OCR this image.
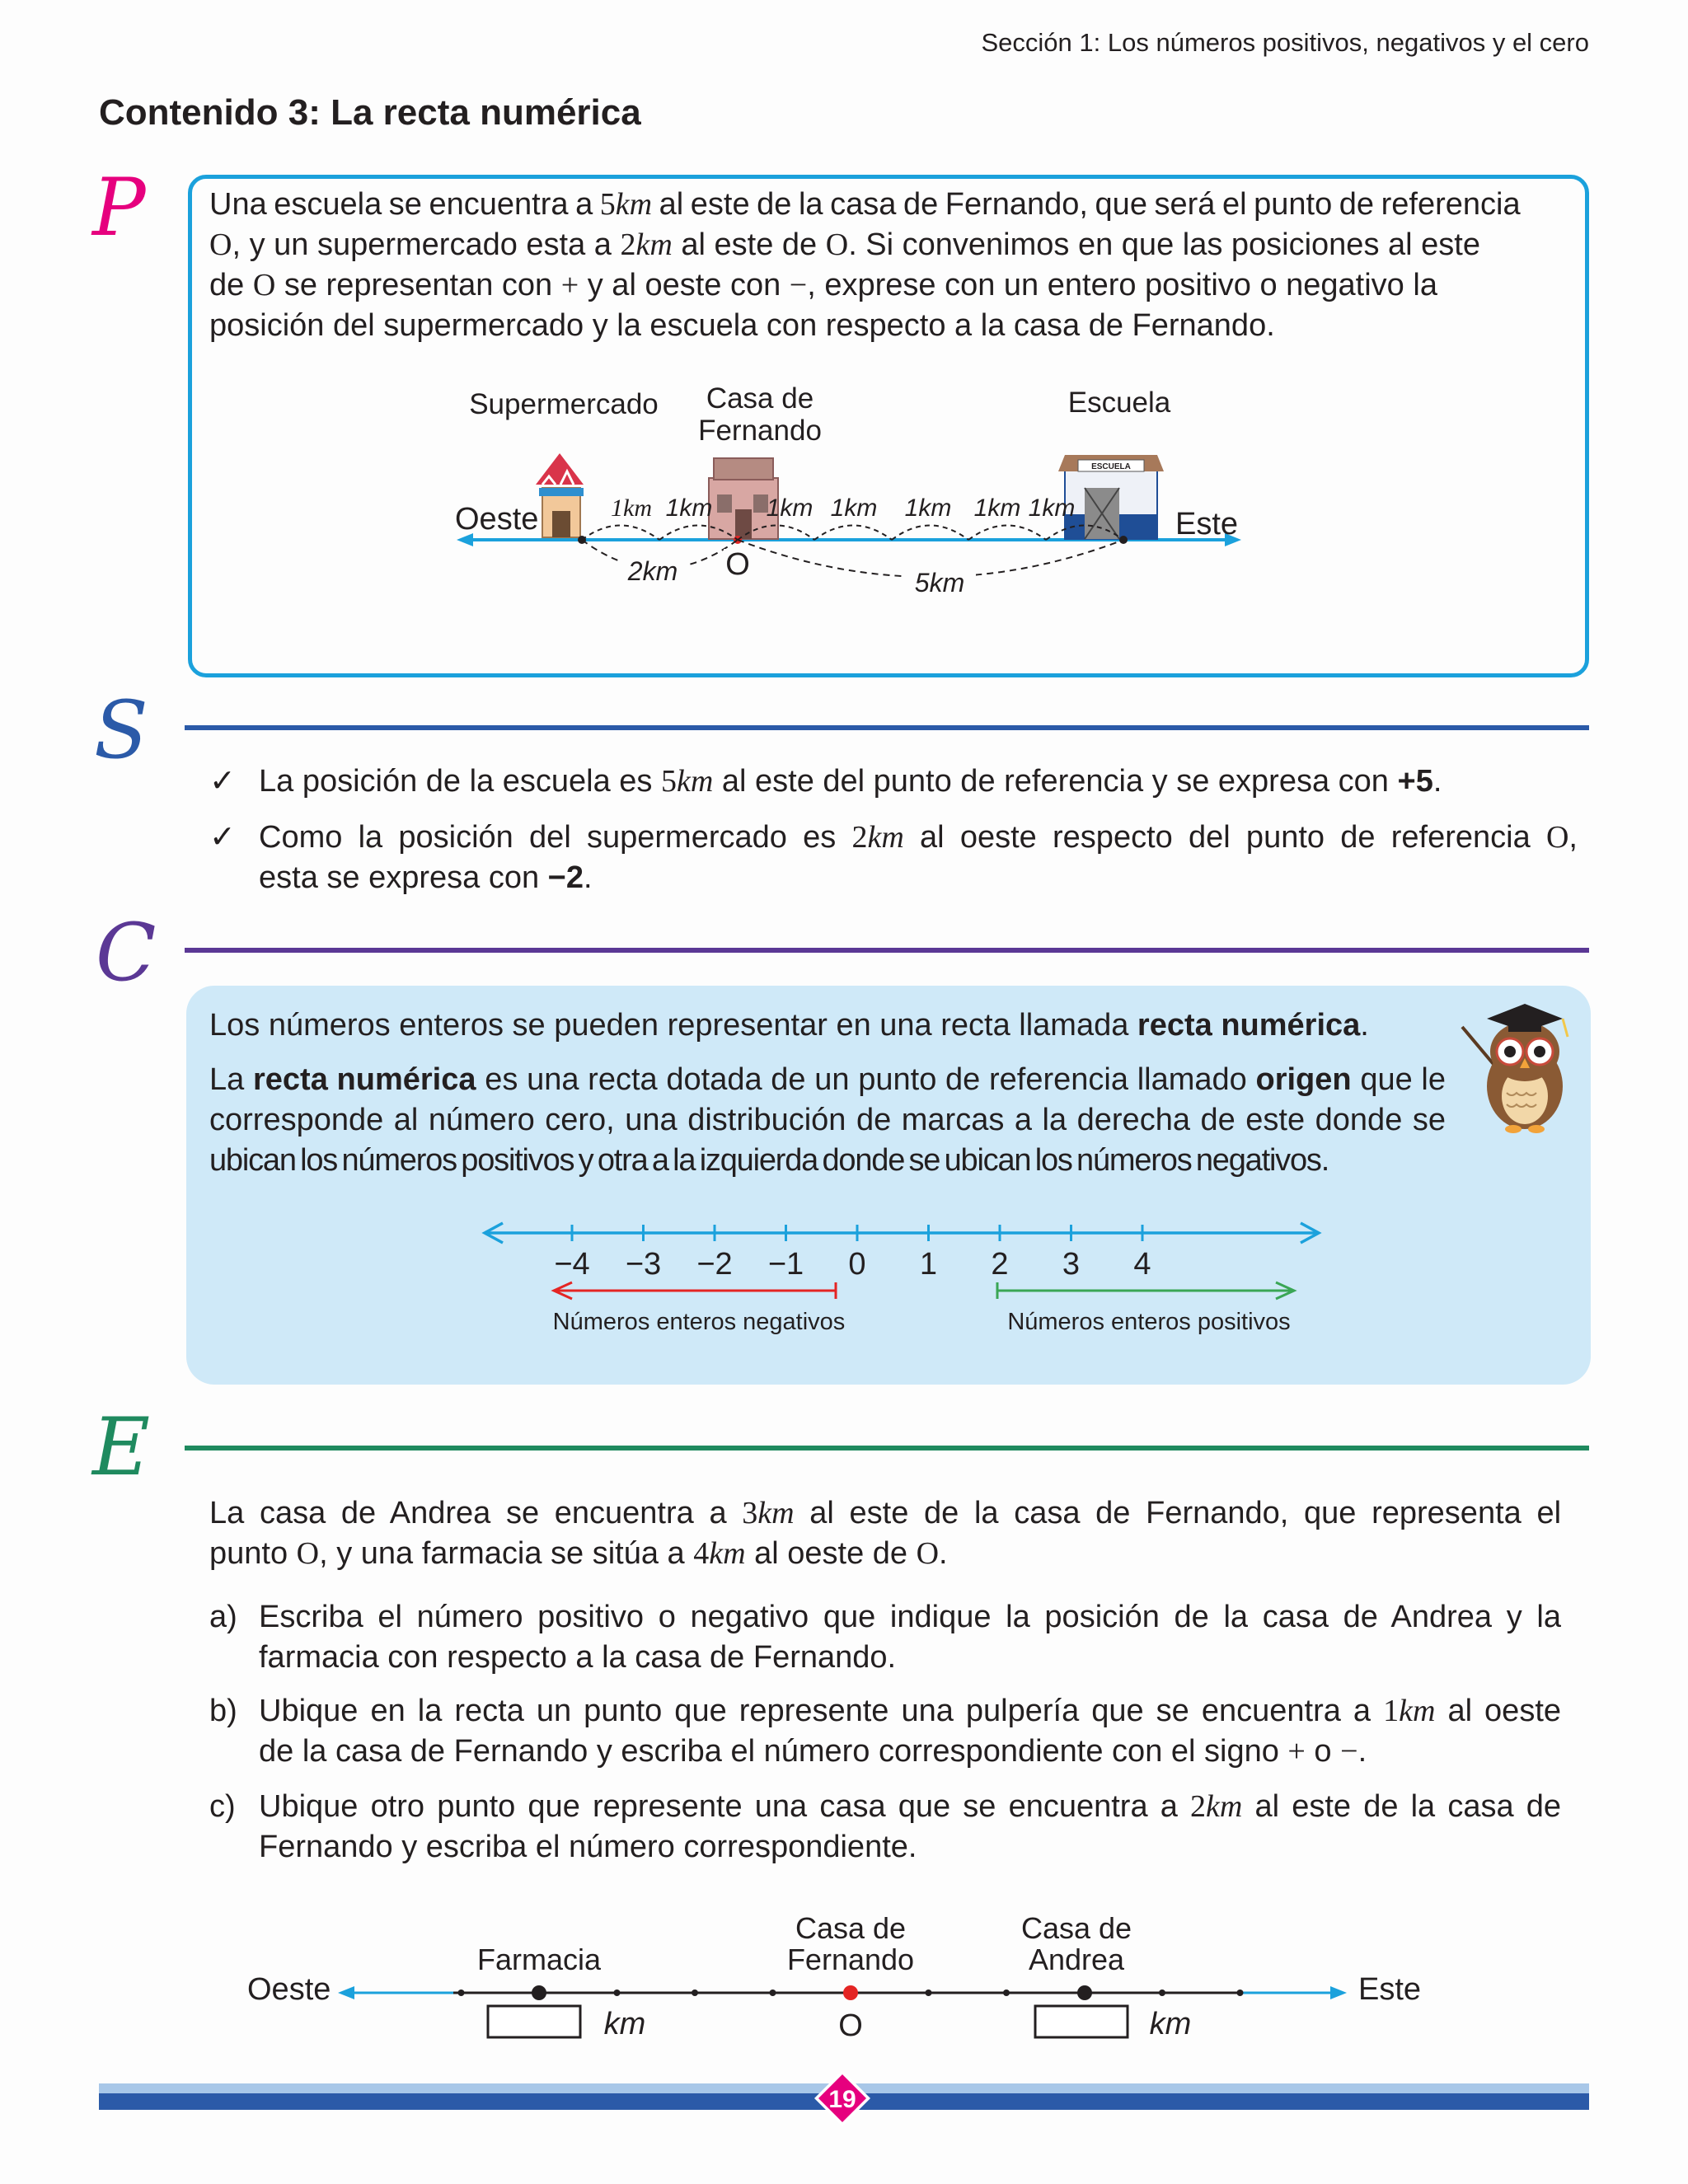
Sección 1: Los números positivos, negativos y el cero
Contenido 3: La recta numérica
P Una escuela se encuentra a 5km al este de la casa de Fernando, que será el punto de referencia
O, y un supermercado esta a 2km al este de O. Si convenimos en que las posiciones al este
de O se representan con + y al oeste con −, exprese con un entero positivo o negativo la
posición del supermercado y la escuela con respecto a la casa de Fernando.
Supermercado Casa de
Fernando
Escuela
Oeste	Este
ESCUELA
1km 1km 1km 1km 1km 1km 1km
2km	5km
O
S
✓ La posición de la escuela es 5km al este del punto de referencia y se expresa con +5.
✓ Como la posición del supermercado es 2km al oeste respecto del punto de referencia O,
esta se expresa con −2.
C
Los números enteros se pueden representar en una recta llamada recta numérica.
La recta numérica es una recta dotada de un punto de referencia llamado origen que le
corresponde al número cero, una distribución de marcas a la derecha de este donde se
ubican los números positivos y otra a la izquierda donde se ubican los números negativos.
−4 −3 −2 −1 0 1 2 3 4
Números enteros negativos	Números enteros positivos
E
La casa de Andrea se encuentra a 3km al este de la casa de Fernando, que representa el
punto O, y una farmacia se sitúa a 4km al oeste de O.
a) Escriba el número positivo o negativo que indique la posición de la casa de Andrea y la
farmacia con respecto a la casa de Fernando.
b) Ubique en la recta un punto que represente una pulpería que se encuentra a 1km al oeste
de la casa de Fernando y escriba el número correspondiente con el signo + o −.
c) Ubique otro punto que represente una casa que se encuentra a 2km al este de la casa de
Fernando y escriba el número correspondiente.
Oeste	Este
Farmacia
Casa de
Fernando
Casa de
Andrea
O
km	km
19
